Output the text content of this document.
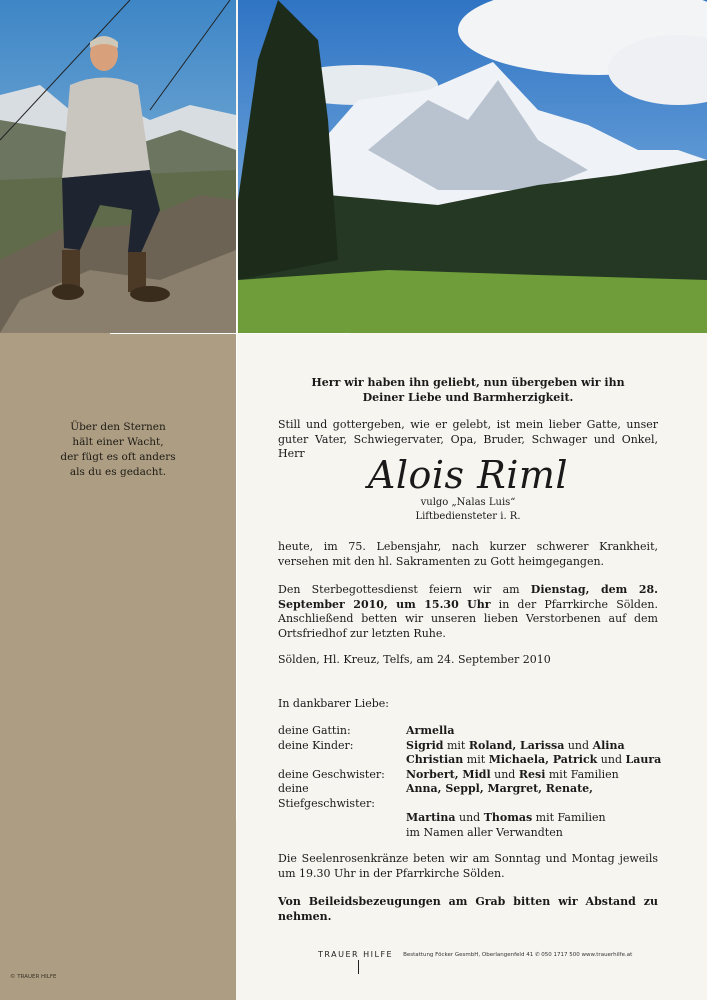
Über den Sternen
hält einer Wacht,
der fügt es oft anders
als du es gedacht.
© TRAUER HILFE
Herr wir haben ihn geliebt, nun übergeben wir ihn
Deiner Liebe und Barmherzigkeit.
Still und gottergeben, wie er gelebt, ist mein lieber Gatte, unser guter Vater, Schwiegervater, Opa, Bruder, Schwager und Onkel, Herr	Alois Riml
vulgo „Nalas Luis“
Liftbediensteter i. R.
heute, im 75. Lebensjahr, nach kurzer schwerer Krankheit, versehen mit den hl. Sakramenten zu Gott heimgegangen.
Den Sterbegottesdienst feiern wir am Dienstag, dem 28. September 2010, um 15.30 Uhr in der Pfarrkirche Sölden. Anschließend betten wir unseren lieben Verstorbenen auf dem Ortsfriedhof zur letzten Ruhe.
Sölden, Hl. Kreuz, Telfs, am 24. September 2010
In dankbarer Liebe:
deine Gattin:	Armella
deine Kinder:	Sigrid mit Roland, Larissa und Alina
Christian mit Michaela, Patrick und Laura
deine Geschwister:	Norbert, Midl und Resi mit Familien
deine Stiefgeschwister:
Anna, Seppl, Margret, Renate,
Martina und Thomas mit Familien
im Namen aller Verwandten
Die Seelenrosenkränze beten wir am Sonntag und Montag jeweils um 19.30 Uhr in der Pfarrkirche Sölden.
Von Beileidsbezeugungen am Grab bitten wir Abstand zu nehmen.
TRAUER HILFE Bestattung Föcker GesmbH, Oberlangenfeld 41 ✆ 050 1717 500 www.trauerhilfe.at
